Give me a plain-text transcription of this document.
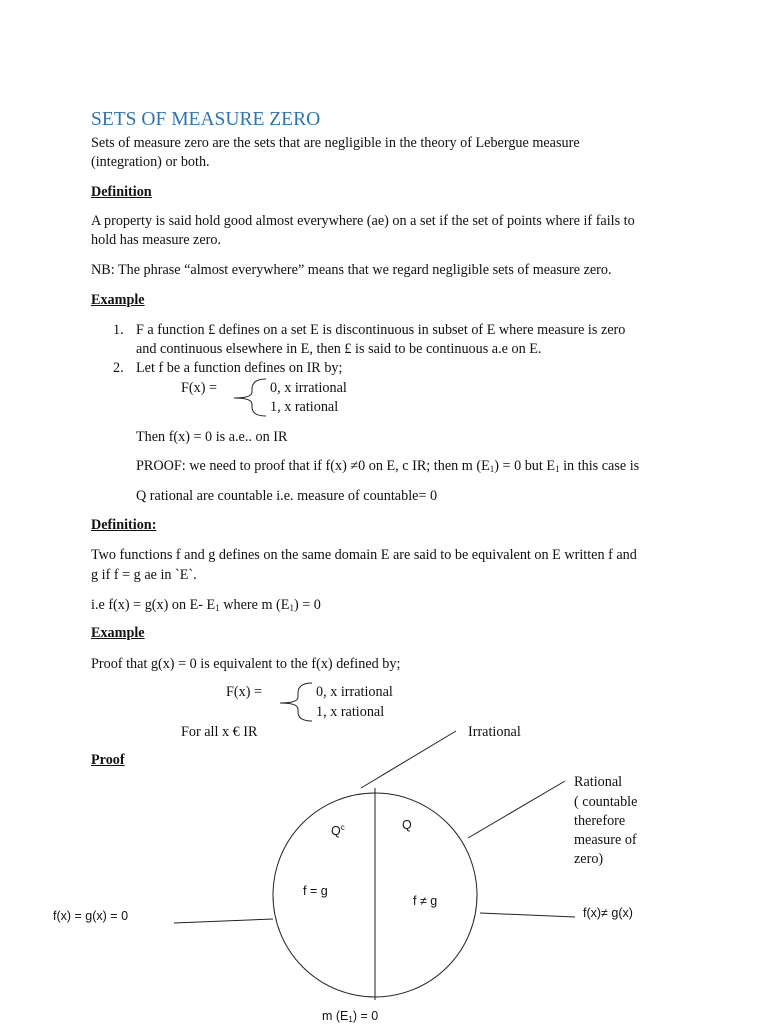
SETS OF MEASURE ZERO
Sets of measure zero are the sets that are negligible in the theory of Lebergue measure
(integration) or both.
Definition
A property is said hold good almost everywhere (ae) on a set if the set of points where if fails to
hold has measure zero.
NB: The phrase “almost everywhere” means that we regard negligible sets of measure zero.
Example
1. F a function £ defines on a set E is discontinuous in subset of E where measure is zero
and continuous elsewhere in E, then £ is said to be continuous a.e on E.
2. Let f be a function defines on IR by;
F(x) =	0, x irrational
1, x rational
Then f(x) = 0 is a.e.. on IR
PROOF: we need to proof that if f(x) ≠0 on E, c IR; then m $(E_1) = 0$ but $E_1$ in this case is
Q rational are countable i.e. measure of countable= 0
Definition:
Two functions f and g defines on the same domain E are said to be equivalent on E written f and
g if f = g ae in `E`.
i.e f(x) = g(x) on E- $E_1$ where m $(E_1) = 0$
Example
Proof that g(x) = 0 is equivalent to the f(x) defined by;
F(x) =	0, x irrational
1, x rational
For all x € IR	Irrational
Proof
Rational
( countable
therefore
measure of
zero)
$Q^c$	Q
f = g
f ≠ g
f(x) = g(x) = 0	f(x)≠ g(x)
m $(E_1) = 0$
